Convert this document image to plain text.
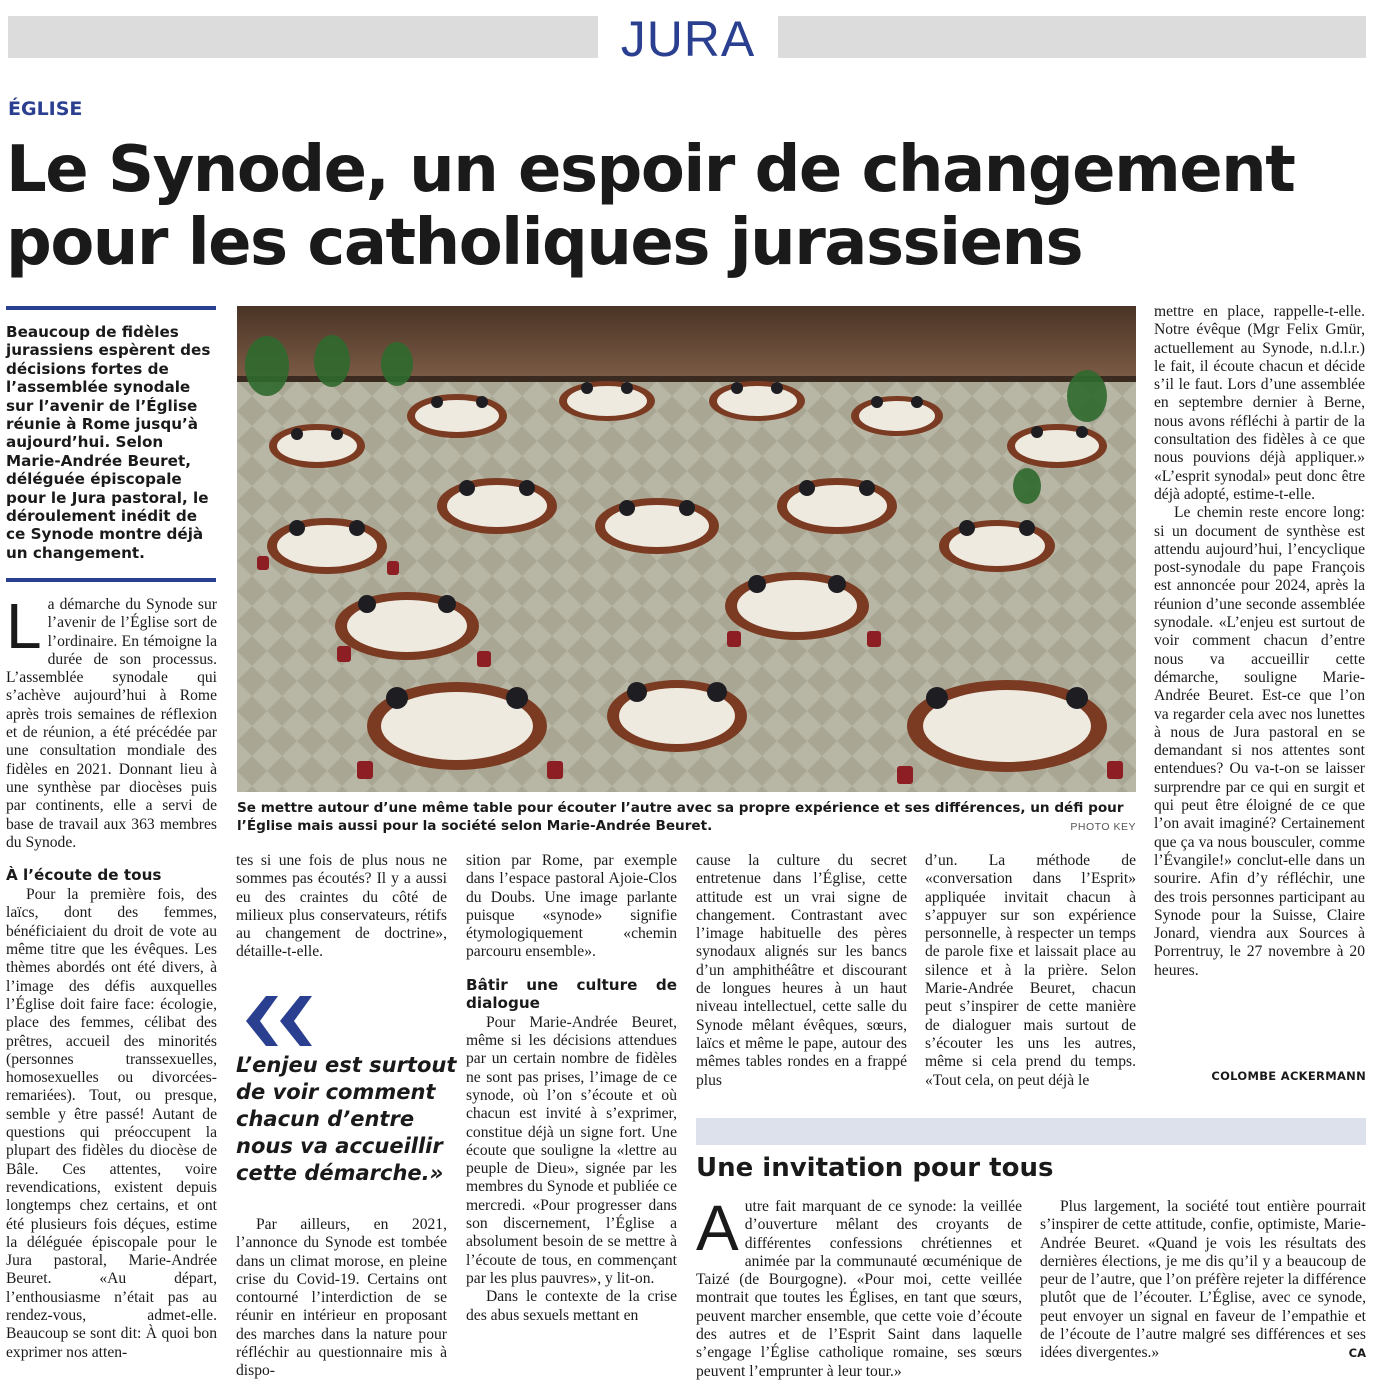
JURA
ÉGLISE
Le Synode, un espoir de changement
pour les catholiques jurassiens
Beaucoup de fidèles jurassiens espèrent des décisions fortes de l’assemblée synodale sur l’avenir de l’Église réunie à Rome jusqu’à aujourd’hui. Selon Marie-Andrée Beuret, déléguée épiscopale pour le Jura pastoral, le déroulement inédit de ce Synode montre déjà un changement.

La démarche du Synode sur l’avenir de l’Église sort de l’ordinaire. En témoigne la durée de son processus. L’assemblée synodale qui s’achève aujourd’hui à Rome après trois semaines de réflexion et de réunion, a été précédée par une consultation mondiale des fidèles en 2021. Donnant lieu à une synthèse par diocèses puis par continents, elle a servi de base de travail aux 363 membres du Synode.

À l’écoute de tous

Pour la première fois, des laïcs, dont des femmes, bénéficiaient du droit de vote au même titre que les évêques. Les thèmes abordés ont été divers, à l’image des défis auxquelles l’Église doit faire face: écologie, place des femmes, célibat des prêtres, accueil des minorités (personnes transsexuelles, homosexuelles ou divorcées-remariées). Tout, ou presque, semble y être passé! Autant de questions qui préoccupent la plupart des fidèles du diocèse de Bâle. Ces attentes, voire revendications, existent depuis longtemps chez certains, et ont été plusieurs fois déçues, estime la déléguée épiscopale pour le Jura pastoral, Marie-Andrée Beuret. «Au départ, l’enthousiasme n’était pas au rendez-vous, admet-elle. Beaucoup se sont dit: À quoi bon exprimer nos atten-

Se mettre autour d’une même table pour écouter l’autre avec sa propre expérience et ses différences, un défi pour l’Église mais aussi pour la société selon Marie-Andrée Beuret.	PHOTO KEY

tes si une fois de plus nous ne sommes pas écoutés? Il y a aussi eu des craintes du côté de milieux plus conservateurs, rétifs au changement de doctrine», détaille-t-elle.

L’enjeu est surtout de voir comment chacun d’entre nous va accueillir cette démarche.»

Par ailleurs, en 2021, l’annonce du Synode est tombée dans un climat morose, en pleine crise du Covid-19. Certains ont contourné l’interdiction de se réunir en intérieur en proposant des marches dans la nature pour réfléchir au questionnaire mis à dispo-

sition par Rome, par exemple dans l’espace pastoral Ajoie-Clos du Doubs. Une image parlante puisque «synode» signifie étymologiquement «chemin parcouru ensemble».

Bâtir une culture de dialogue

Pour Marie-Andrée Beuret, même si les décisions attendues par un certain nombre de fidèles ne sont pas prises, l’image de ce synode, où l’on s’écoute et où chacun est invité à s’exprimer, constitue déjà un signe fort. Une écoute que souligne la «lettre au peuple de Dieu», signée par les membres du Synode et publiée ce mercredi. «Pour progresser dans son discernement, l’Église a absolument besoin de se mettre à l’écoute de tous, en commençant par les plus pauvres», y lit-on.

Dans le contexte de la crise des abus sexuels mettant en

cause la culture du secret entretenue dans l’Église, cette attitude est un vrai signe de changement. Contrastant avec l’image habituelle des pères synodaux alignés sur les bancs d’un amphithéâtre et discourant de longues heures à un haut niveau intellectuel, cette salle du Synode mêlant évêques, sœurs, laïcs et même le pape, autour des mêmes tables rondes en a frappé plus

d’un. La méthode de «conversation dans l’Esprit» appliquée invitait chacun à s’appuyer sur son expérience personnelle, à respecter un temps de parole fixe et laissait place au silence et à la prière. Selon Marie-Andrée Beuret, chacun peut s’inspirer de cette manière de dialoguer mais surtout de s’écouter les uns les autres, même si cela prend du temps. «Tout cela, on peut déjà le

mettre en place, rappelle-t-elle. Notre évêque (Mgr Felix Gmür, actuellement au Synode, n.d.l.r.) le fait, il écoute chacun et décide s’il le faut. Lors d’une assemblée en septembre dernier à Berne, nous avons réfléchi à partir de la consultation des fidèles à ce que nous pouvions déjà appliquer.» «L’esprit synodal» peut donc être déjà adopté, estime-t-elle.

Le chemin reste encore long: si un document de synthèse est attendu aujourd’hui, l’encyclique post-synodale du pape François est annoncée pour 2024, après la réunion d’une seconde assemblée synodale. «L’enjeu est surtout de voir comment chacun d’entre nous va accueillir cette démarche, souligne Marie-Andrée Beuret. Est-ce que l’on va regarder cela avec nos lunettes à nous de Jura pastoral en se demandant si nos attentes sont entendues? Ou va-t-on se laisser surprendre par ce qui en surgit et qui peut être éloigné de ce que l’on avait imaginé? Certainement que ça va nous bousculer, comme l’Évangile!» conclut-elle dans un sourire. Afin d’y réfléchir, une des trois personnes participant au Synode pour la Suisse, Claire Jonard, viendra aux Sources à Porrentruy, le 27 novembre à 20 heures.

COLOMBE ACKERMANN
Une invitation pour tous

Autre fait marquant de ce synode: la veillée d’ouverture mêlant des croyants de différentes confessions chrétiennes et animée par la communauté œcuménique de Taizé (de Bourgogne). «Pour moi, cette veillée montrait que toutes les Églises, en tant que sœurs, peuvent marcher ensemble, que cette voie d’écoute des autres et de l’Esprit Saint dans laquelle s’engage l’Église catholique romaine, ses sœurs peuvent l’emprunter à leur tour.»

Plus largement, la société tout entière pourrait s’inspirer de cette attitude, confie, optimiste, Marie-Andrée Beuret. «Quand je vois les résultats des dernières élections, je me dis qu’il y a beaucoup de peur de l’autre, que l’on préfère rejeter la différence plutôt que de l’écouter. L’Église, avec ce synode, peut envoyer un signal en faveur de l’empathie et de l’écoute de l’autre malgré ses différences et ses idées divergentes.»	CA
